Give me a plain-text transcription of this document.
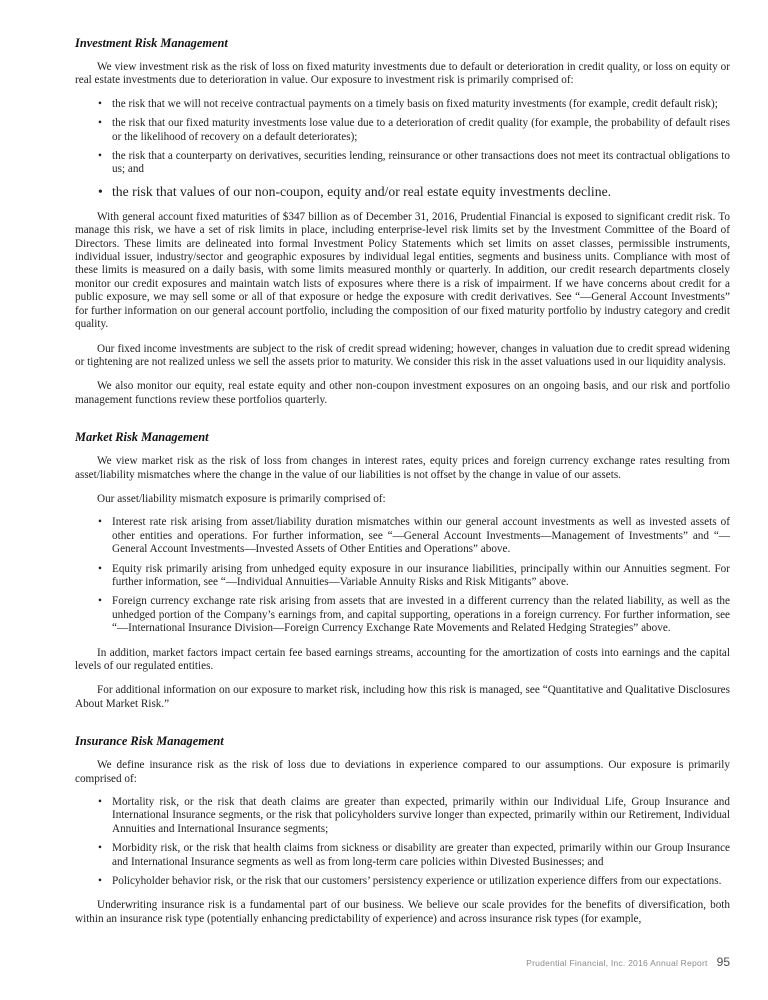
Investment Risk Management

We view investment risk as the risk of loss on fixed maturity investments due to default or deterioration in credit quality, or loss on equity or real estate investments due to deterioration in value. Our exposure to investment risk is primarily comprised of:

• the risk that we will not receive contractual payments on a timely basis on fixed maturity investments (for example, credit default risk);
• the risk that our fixed maturity investments lose value due to a deterioration of credit quality (for example, the probability of default rises or the likelihood of recovery on a default deteriorates);
• the risk that a counterparty on derivatives, securities lending, reinsurance or other transactions does not meet its contractual obligations to us; and
• the risk that values of our non-coupon, equity and/or real estate equity investments decline.

With general account fixed maturities of $347 billion as of December 31, 2016, Prudential Financial is exposed to significant credit risk. To manage this risk, we have a set of risk limits in place, including enterprise-level risk limits set by the Investment Committee of the Board of Directors. These limits are delineated into formal Investment Policy Statements which set limits on asset classes, permissible instruments, individual issuer, industry/sector and geographic exposures by individual legal entities, segments and business units. Compliance with most of these limits is measured on a daily basis, with some limits measured monthly or quarterly. In addition, our credit research departments closely monitor our credit exposures and maintain watch lists of exposures where there is a risk of impairment. If we have concerns about credit for a public exposure, we may sell some or all of that exposure or hedge the exposure with credit derivatives. See “—General Account Investments” for further information on our general account portfolio, including the composition of our fixed maturity portfolio by industry category and credit quality.

Our fixed income investments are subject to the risk of credit spread widening; however, changes in valuation due to credit spread widening or tightening are not realized unless we sell the assets prior to maturity. We consider this risk in the asset valuations used in our liquidity analysis.

We also monitor our equity, real estate equity and other non-coupon investment exposures on an ongoing basis, and our risk and portfolio management functions review these portfolios quarterly.

Market Risk Management

We view market risk as the risk of loss from changes in interest rates, equity prices and foreign currency exchange rates resulting from asset/liability mismatches where the change in the value of our liabilities is not offset by the change in value of our assets.

Our asset/liability mismatch exposure is primarily comprised of:

• Interest rate risk arising from asset/liability duration mismatches within our general account investments as well as invested assets of other entities and operations. For further information, see “—General Account Investments—Management of Investments” and “—General Account Investments—Invested Assets of Other Entities and Operations” above.
• Equity risk primarily arising from unhedged equity exposure in our insurance liabilities, principally within our Annuities segment. For further information, see “—Individual Annuities—Variable Annuity Risks and Risk Mitigants” above.
• Foreign currency exchange rate risk arising from assets that are invested in a different currency than the related liability, as well as the unhedged portion of the Company’s earnings from, and capital supporting, operations in a foreign currency. For further information, see “—International Insurance Division—Foreign Currency Exchange Rate Movements and Related Hedging Strategies” above.

In addition, market factors impact certain fee based earnings streams, accounting for the amortization of costs into earnings and the capital levels of our regulated entities.

For additional information on our exposure to market risk, including how this risk is managed, see “Quantitative and Qualitative Disclosures About Market Risk.”

Insurance Risk Management

We define insurance risk as the risk of loss due to deviations in experience compared to our assumptions. Our exposure is primarily comprised of:

• Mortality risk, or the risk that death claims are greater than expected, primarily within our Individual Life, Group Insurance and International Insurance segments, or the risk that policyholders survive longer than expected, primarily within our Retirement, Individual Annuities and International Insurance segments;
• Morbidity risk, or the risk that health claims from sickness or disability are greater than expected, primarily within our Group Insurance and International Insurance segments as well as from long-term care policies within Divested Businesses; and
• Policyholder behavior risk, or the risk that our customers’ persistency experience or utilization experience differs from our expectations.

Underwriting insurance risk is a fundamental part of our business. We believe our scale provides for the benefits of diversification, both within an insurance risk type (potentially enhancing predictability of experience) and across insurance risk types (for example,

Prudential Financial, Inc. 2016 Annual Report 95
